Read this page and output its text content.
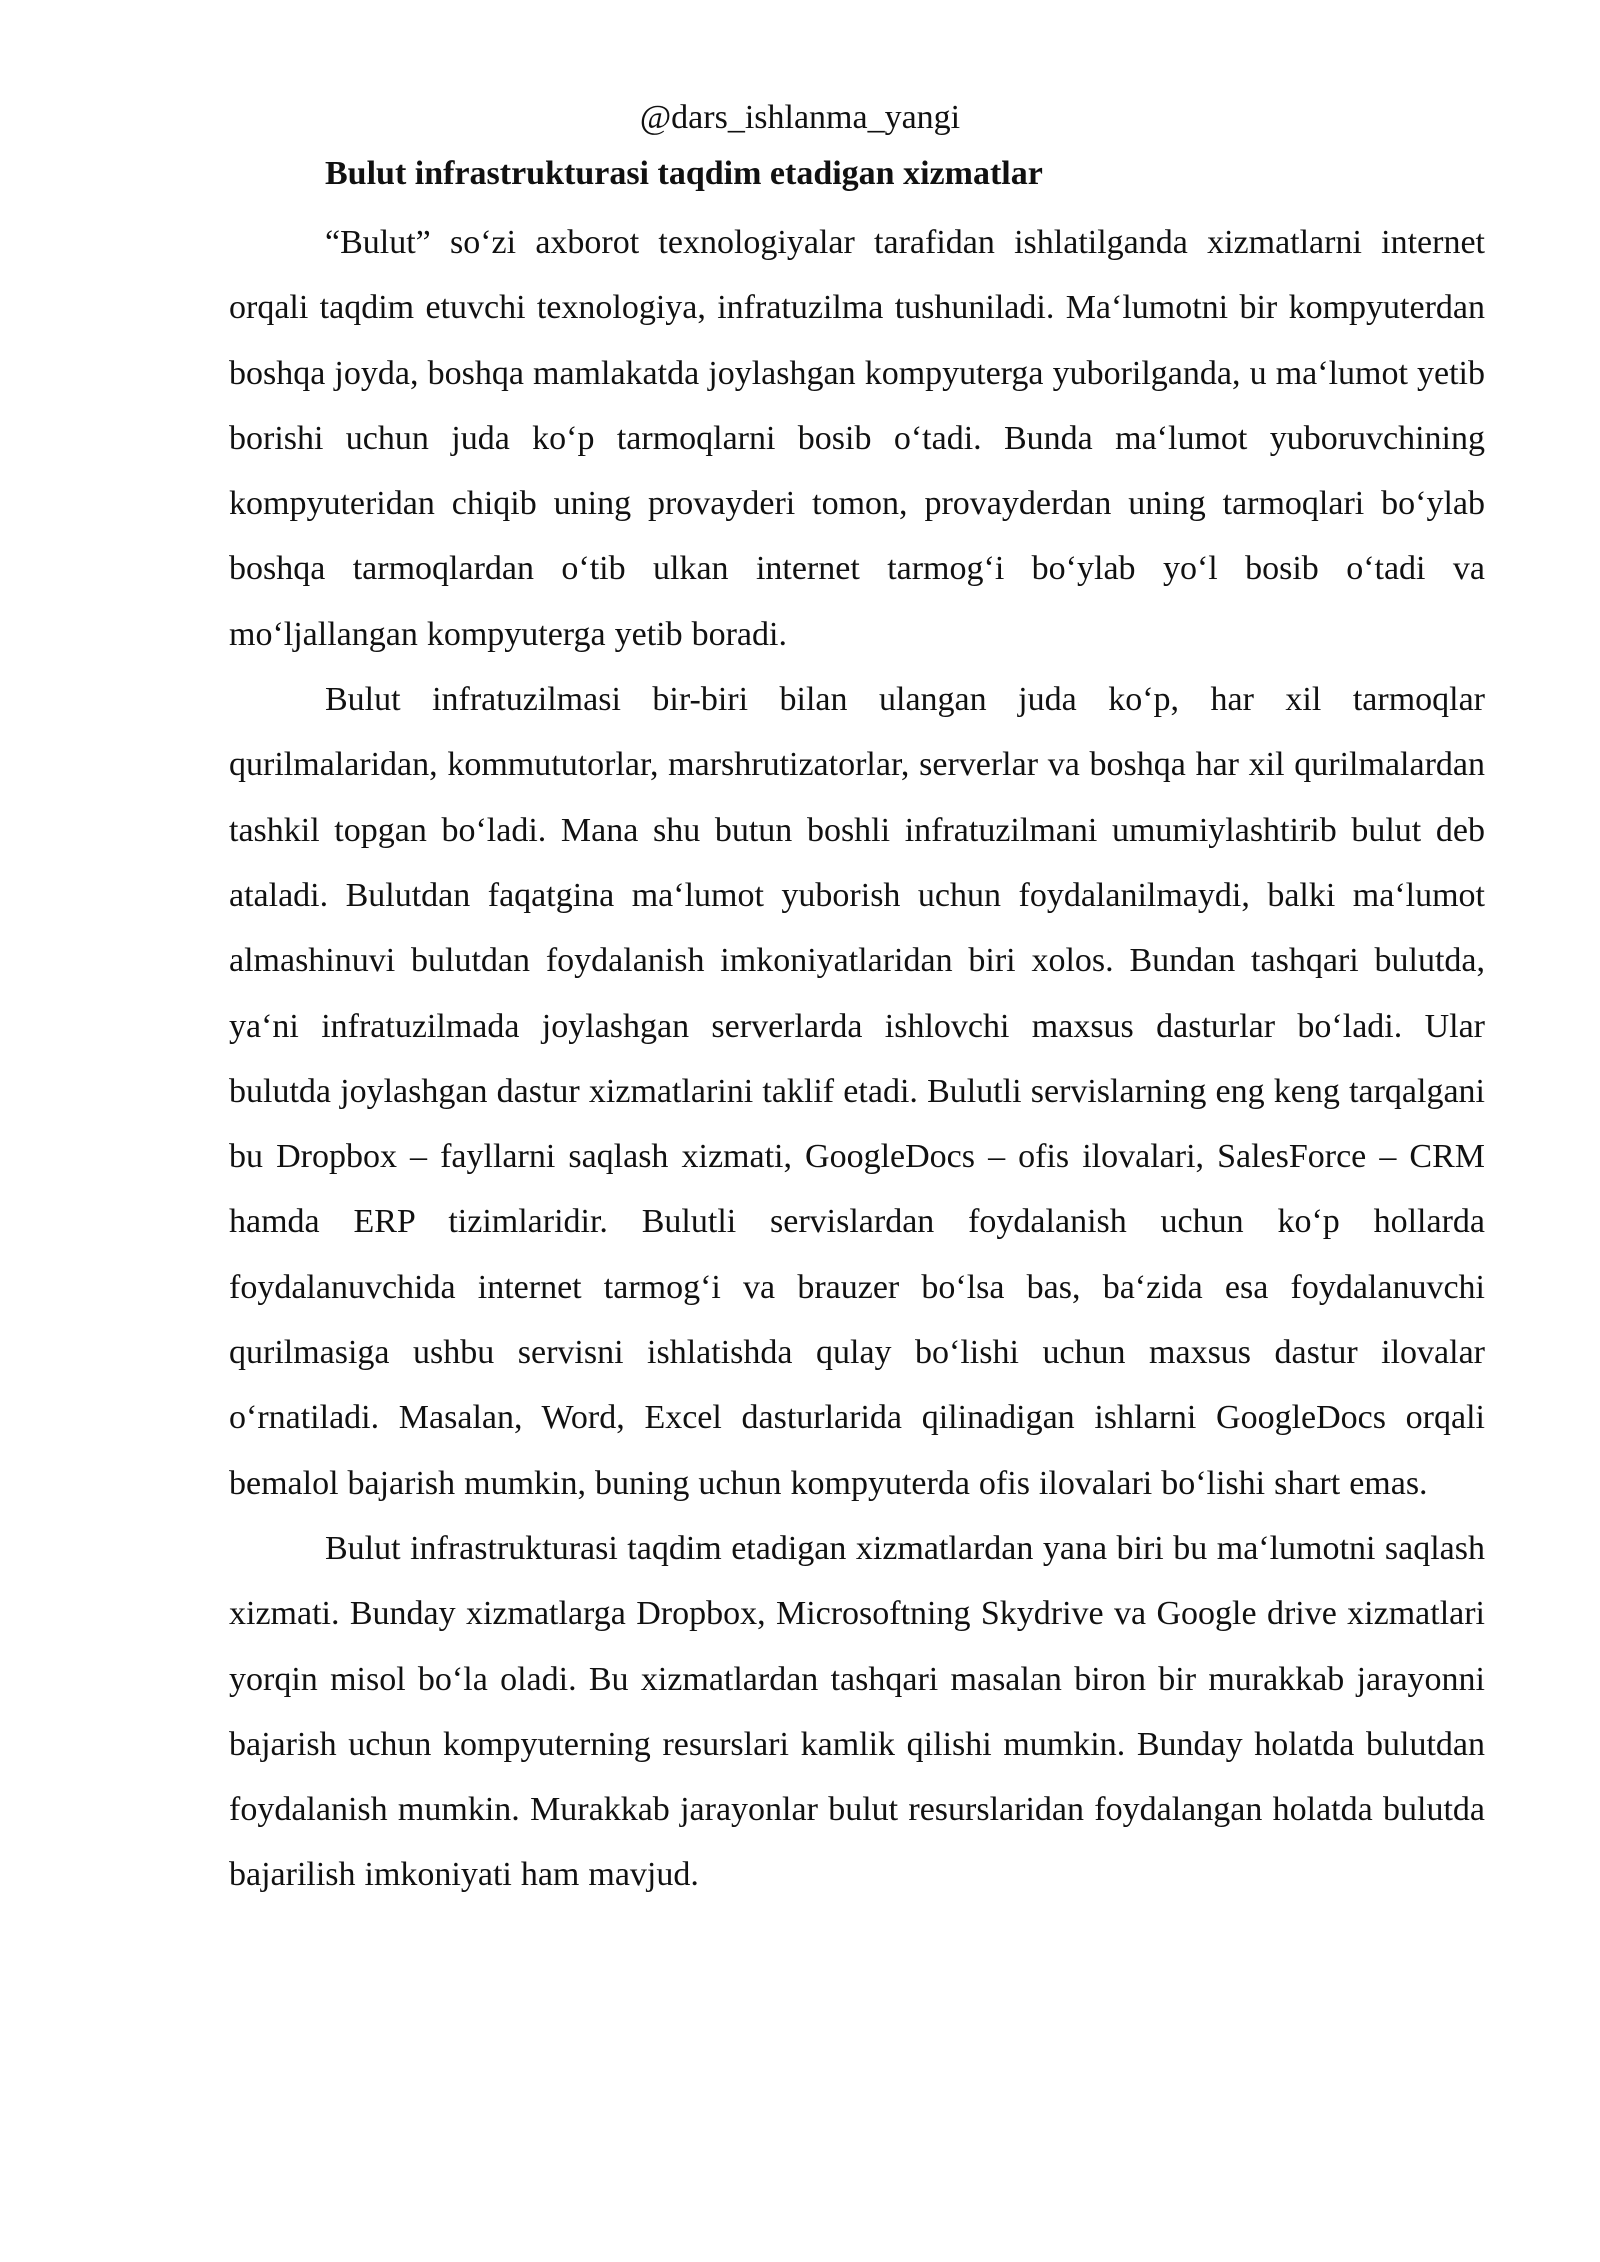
@dars_ishlanma_yangi

Bulut infrastrukturasi taqdim etadigan xizmatlar

“Bulut” so‘zi axborot texnologiyalar tarafidan ishlatilganda xizmatlarni internet orqali taqdim etuvchi texnologiya, infratuzilma tushuniladi. Ma‘lumotni bir kompyuterdan boshqa joyda, boshqa mamlakatda joylashgan kompyuterga yuborilganda, u ma‘lumot yetib borishi uchun juda ko‘p tarmoqlarni bosib o‘tadi. Bunda ma‘lumot yuboruvchining kompyuteridan chiqib uning provayderi tomon, provayderdan uning tarmoqlari bo‘ylab boshqa tarmoqlardan o‘tib ulkan internet tarmog‘i bo‘ylab yo‘l bosib o‘tadi va mo‘ljallangan kompyuterga yetib boradi.

Bulut infratuzilmasi bir-biri bilan ulangan juda ko‘p, har xil tarmoqlar qurilmalaridan, kommututorlar, marshrutizatorlar, serverlar va boshqa har xil qurilmalardan tashkil topgan bo‘ladi. Mana shu butun boshli infratuzilmani umumiylashtirib bulut deb ataladi. Bulutdan faqatgina ma‘lumot yuborish uchun foydalanilmaydi, balki ma‘lumot almashinuvi bulutdan foydalanish imkoniyatlaridan biri xolos. Bundan tashqari bulutda, ya‘ni infratuzilmada joylashgan serverlarda ishlovchi maxsus dasturlar bo‘ladi. Ular bulutda joylashgan dastur xizmatlarini taklif etadi. Bulutli servislarning eng keng tarqalgani bu Dropbox – fayllarni saqlash xizmati, GoogleDocs – ofis ilovalari, SalesForce – CRM hamda ERP tizimlaridir. Bulutli servislardan foydalanish uchun ko‘p hollarda foydalanuvchida internet tarmog‘i va brauzer bo‘lsa bas, ba‘zida esa foydalanuvchi qurilmasiga ushbu servisni ishlatishda qulay bo‘lishi uchun maxsus dastur ilovalar o‘rnatiladi. Masalan, Word, Excel dasturlarida qilinadigan ishlarni GoogleDocs orqali bemalol bajarish mumkin, buning uchun kompyuterda ofis ilovalari bo‘lishi shart emas.

Bulut infrastrukturasi taqdim etadigan xizmatlardan yana biri bu ma‘lumotni saqlash xizmati. Bunday xizmatlarga Dropbox, Microsoftning Skydrive va Google drive xizmatlari yorqin misol bo‘la oladi. Bu xizmatlardan tashqari masalan biron bir murakkab jarayonni bajarish uchun kompyuterning resurslari kamlik qilishi mumkin. Bunday holatda bulutdan foydalanish mumkin. Murakkab jarayonlar bulut resurslaridan foydalangan holatda bulutda bajarilish imkoniyati ham mavjud.
